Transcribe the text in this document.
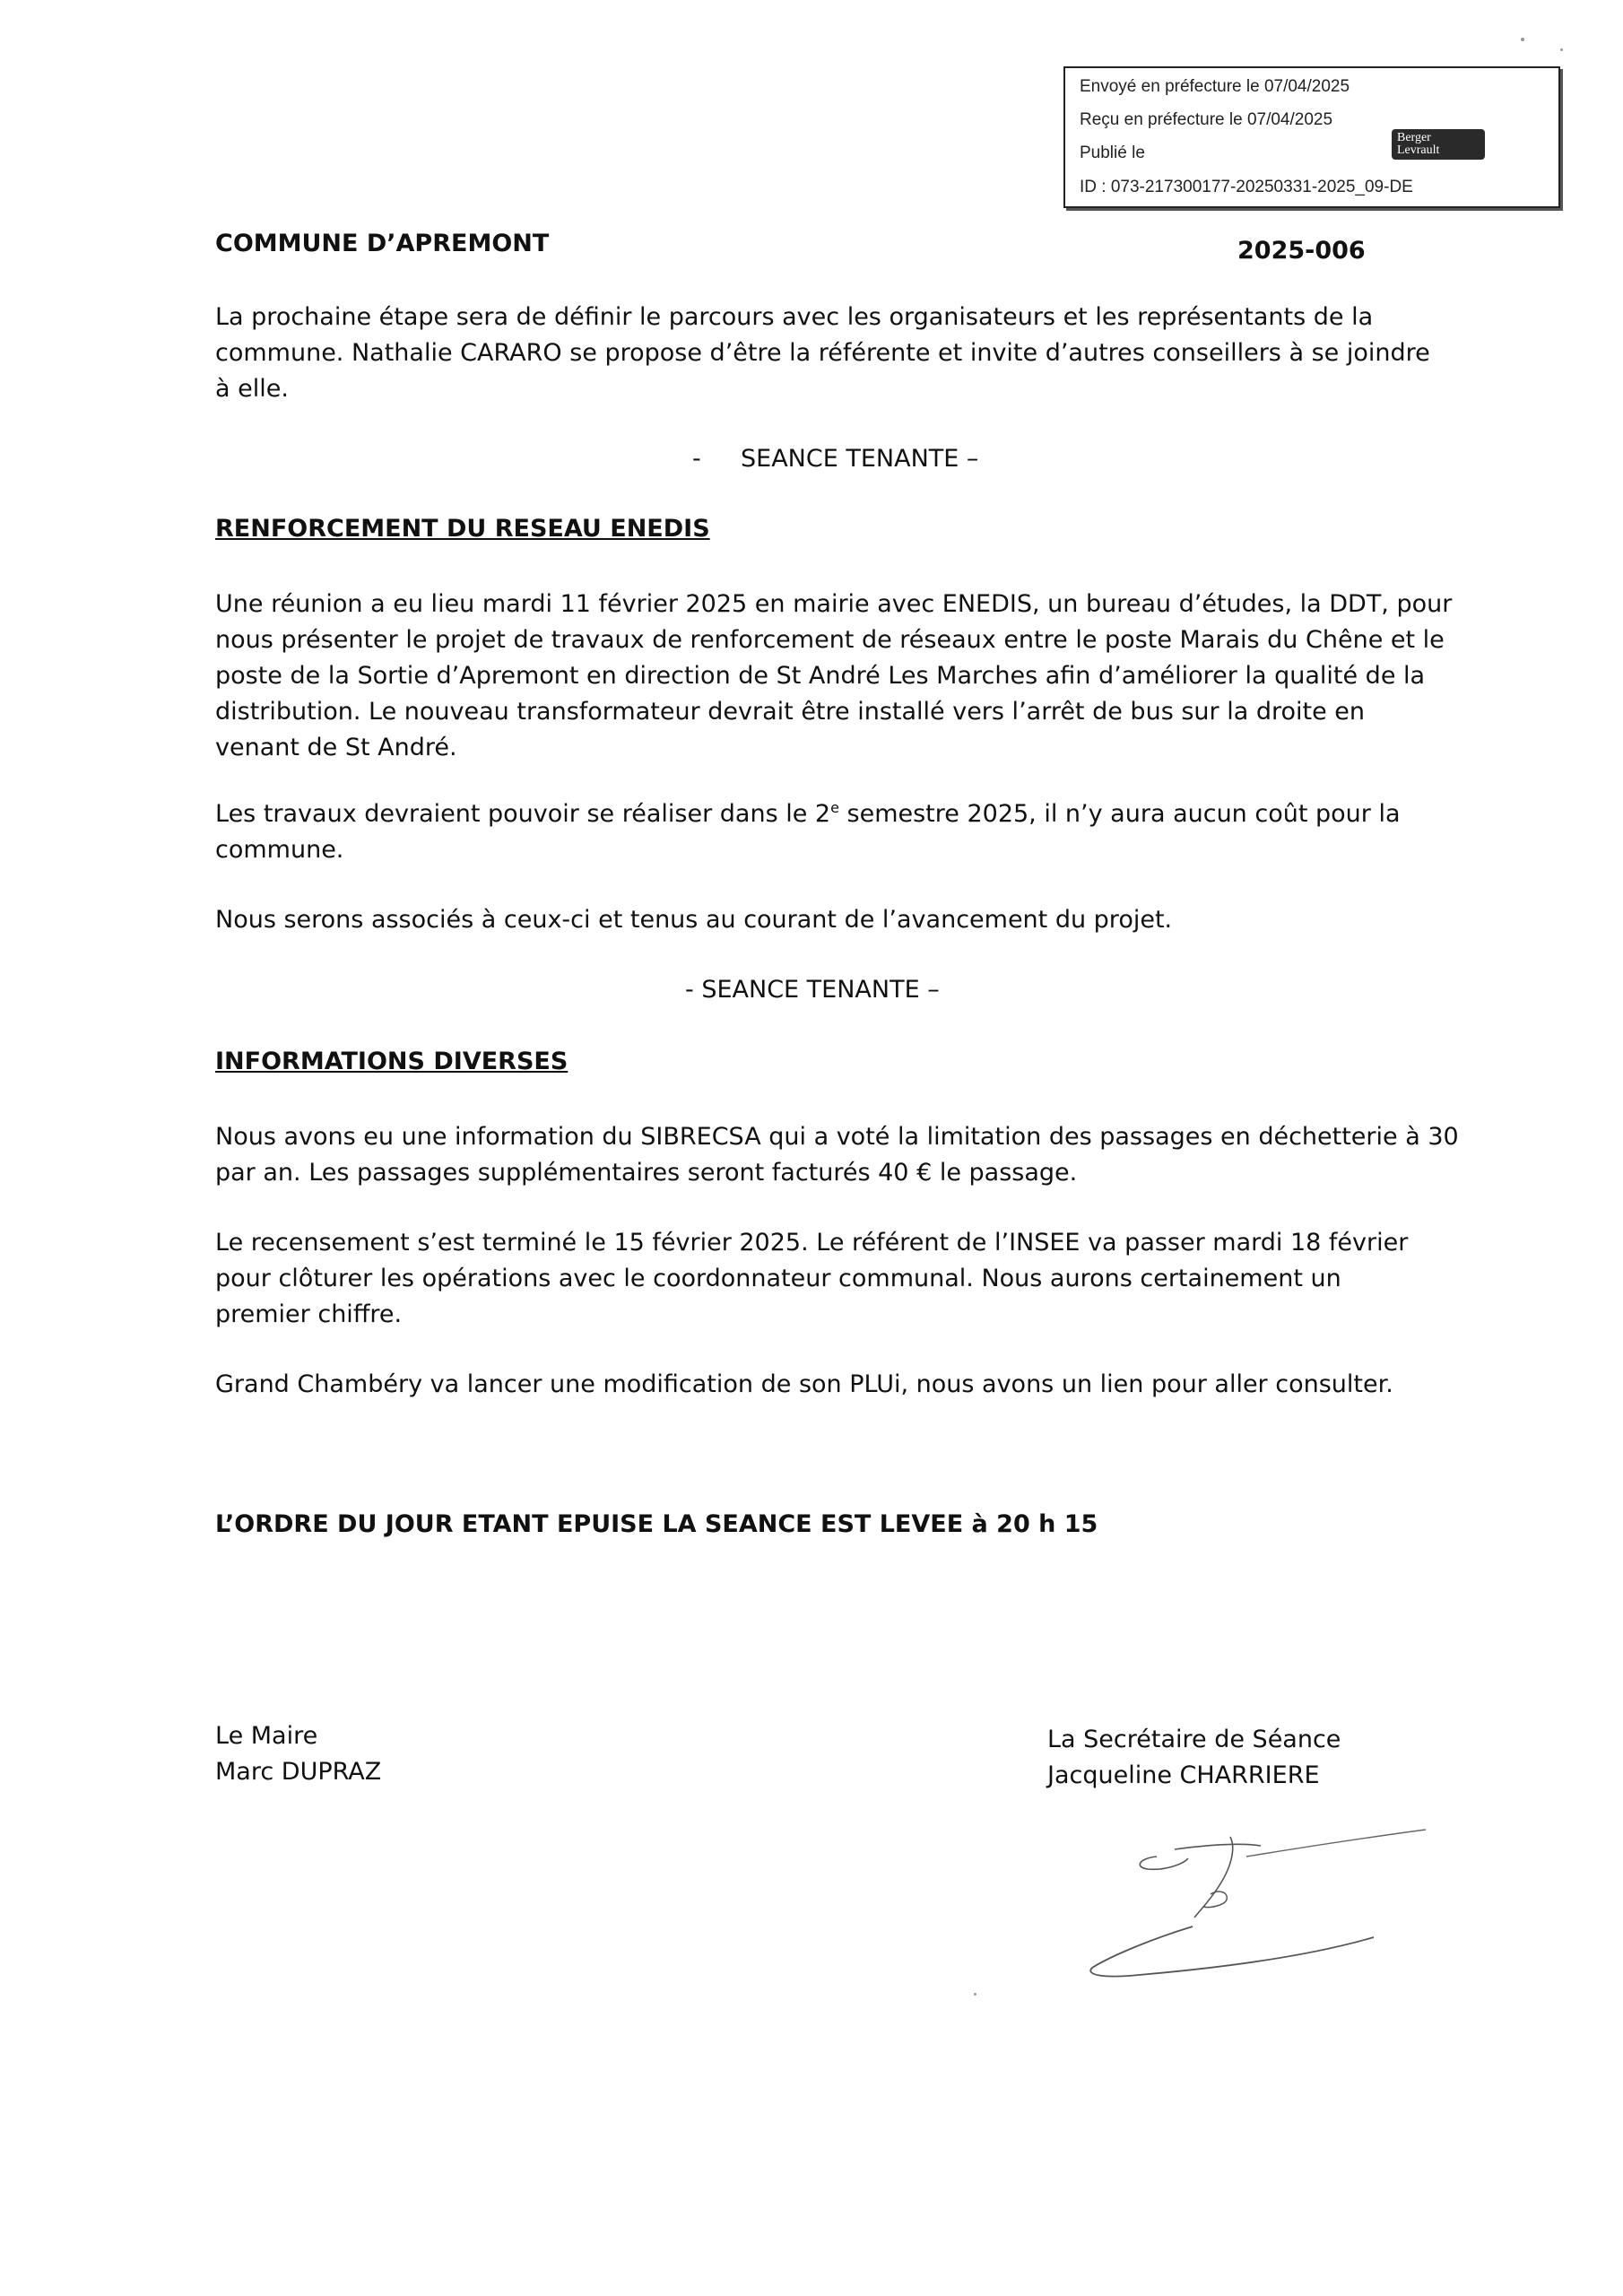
Envoyé en préfecture le 07/04/2025
Reçu en préfecture le 07/04/2025
Publié le
ID : 073-217300177-20250331-2025_09-DE
Berger
Levrault
COMMUNE D’APREMONT	2025-006
La prochaine étape sera de définir le parcours avec les organisateurs et les représentants de la
commune. Nathalie CARARO se propose d’être la référente et invite d’autres conseillers à se joindre
à elle.
- SEANCE TENANTE –
RENFORCEMENT DU RESEAU ENEDIS
Une réunion a eu lieu mardi 11 février 2025 en mairie avec ENEDIS, un bureau d’études, la DDT, pour
nous présenter le projet de travaux de renforcement de réseaux entre le poste Marais du Chêne et le
poste de la Sortie d’Apremont en direction de St André Les Marches afin d’améliorer la qualité de la
distribution. Le nouveau transformateur devrait être installé vers l’arrêt de bus sur la droite en
venant de St André.
Les travaux devraient pouvoir se réaliser dans le 2e semestre 2025, il n’y aura aucun coût pour la
commune.
Nous serons associés à ceux-ci et tenus au courant de l’avancement du projet.
- SEANCE TENANTE –
INFORMATIONS DIVERSES
Nous avons eu une information du SIBRECSA qui a voté la limitation des passages en déchetterie à 30
par an. Les passages supplémentaires seront facturés 40 € le passage.
Le recensement s’est terminé le 15 février 2025. Le référent de l’INSEE va passer mardi 18 février
pour clôturer les opérations avec le coordonnateur communal. Nous aurons certainement un
premier chiffre.
Grand Chambéry va lancer une modification de son PLUi, nous avons un lien pour aller consulter.
L’ORDRE DU JOUR ETANT EPUISE LA SEANCE EST LEVEE à 20 h 15
Le Maire
Marc DUPRAZ
La Secrétaire de Séance
Jacqueline CHARRIERE
